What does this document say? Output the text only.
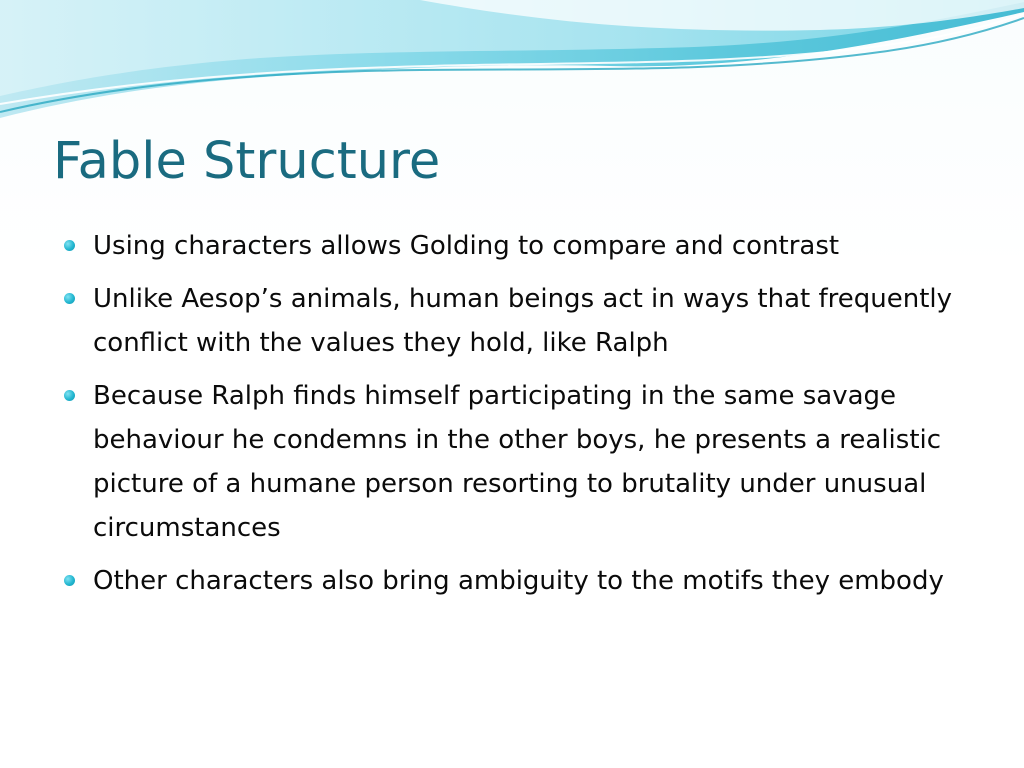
Fable Structure
Using characters allows Golding to compare and contrast
Unlike Aesop’s animals, human beings act in ways that frequently conflict with the values they hold, like Ralph
Because Ralph finds himself participating in the same savage behaviour he condemns in the other boys, he presents a realistic picture of a humane person resorting to brutality under unusual circumstances
Other characters also bring ambiguity to the motifs they embody
